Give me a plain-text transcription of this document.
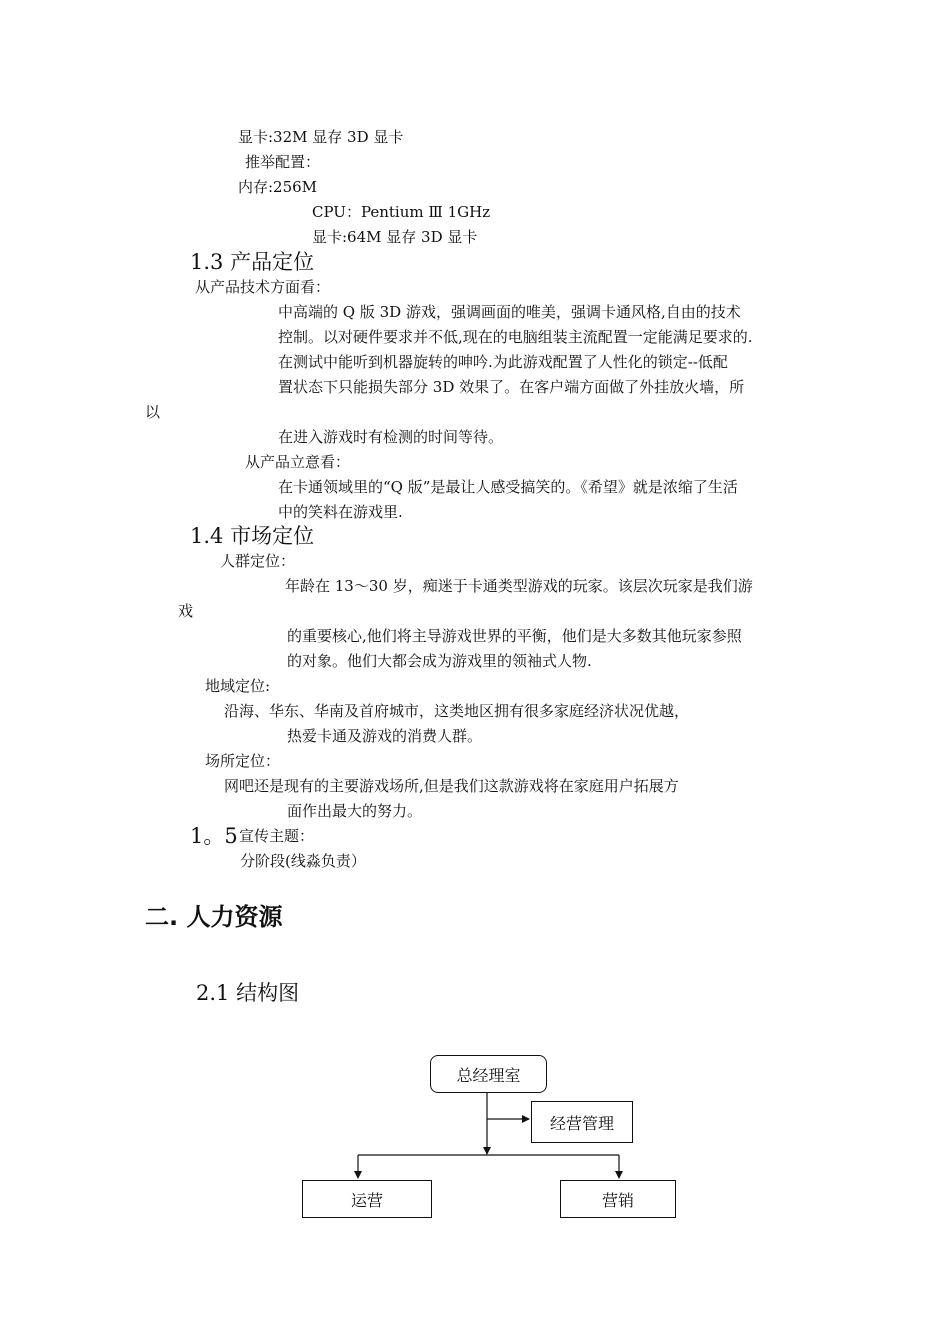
显卡:32M 显存 3D 显卡
推举配置：
内存:256M
CPU：Pentium Ⅲ 1GHz
显卡:64M 显存 3D 显卡
1.3 产品定位
从产品技术方面看：
中高端的 Q 版 3D 游戏，强调画面的唯美，强调卡通风格,自由的技术
控制。以对硬件要求并不低,现在的电脑组装主流配置一定能满足要求的.
在测试中能听到机器旋转的呻吟.为此游戏配置了人性化的锁定--低配
置状态下只能损失部分 3D 效果了。在客户端方面做了外挂放火墙，所
以
在进入游戏时有检测的时间等待。
从产品立意看：
在卡通领域里的“Q 版”是最让人感受搞笑的。《希望》就是浓缩了生活
中的笑料在游戏里.
1.4 市场定位
人群定位：
年龄在 13～30 岁，痴迷于卡通类型游戏的玩家。该层次玩家是我们游
戏
的重要核心,他们将主导游戏世界的平衡，他们是大多数其他玩家参照
的对象。他们大都会成为游戏里的领袖式人物.
地域定位:
沿海、华东、华南及首府城市，这类地区拥有很多家庭经济状况优越，
热爱卡通及游戏的消费人群。
场所定位：
网吧还是现有的主要游戏场所,但是我们这款游戏将在家庭用户拓展方
面作出最大的努力。
1。5 宣传主题：
分阶段(线淼负责）
二. 人力资源
2.1 结构图
总经理室
经营管理
运营	营销
